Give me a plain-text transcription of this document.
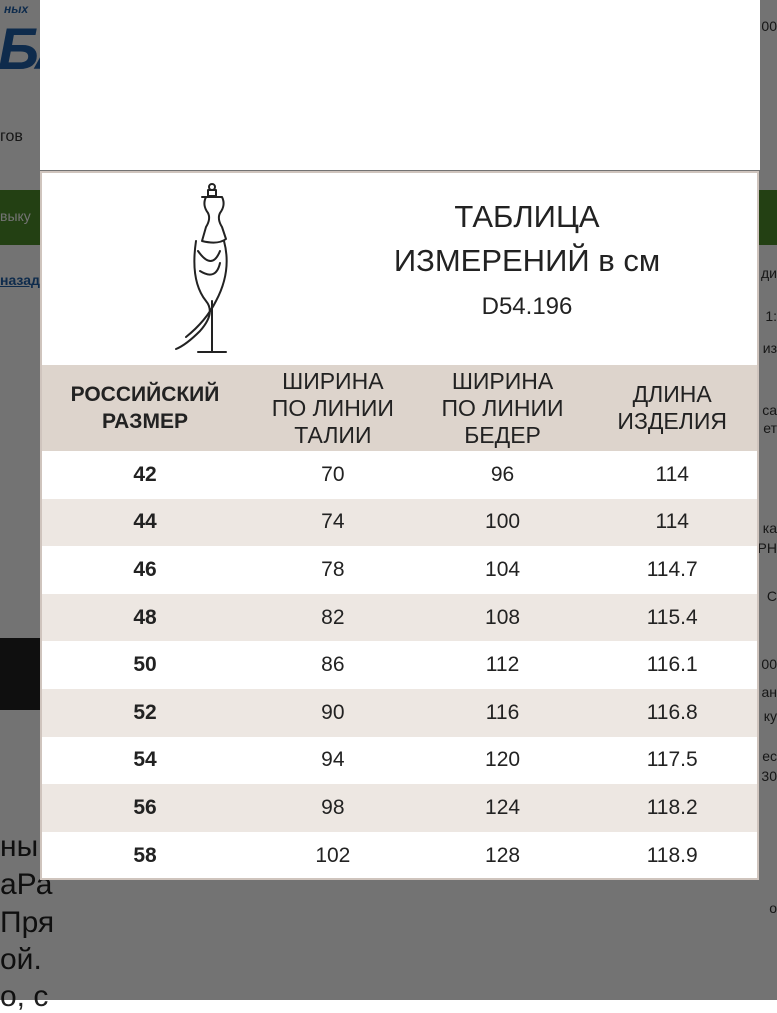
ТАБЛИЦА
ИЗМЕРЕНИЙ в см
D54.196
РОССИЙСКИЙ РАЗМЕР	ШИРИНА ПО ЛИНИИ ТАЛИИ	ШИРИНА ПО ЛИНИИ БЕДЕР	ДЛИНА ИЗДЕЛИЯ
42	70	96	114
44	74	100	114
46	78	104	114.7
48	82	108	115.4
50	86	112	116.1
52	90	116	116.8
54	94	120	117.5
56	98	124	118.2
58	102	128	118.9
